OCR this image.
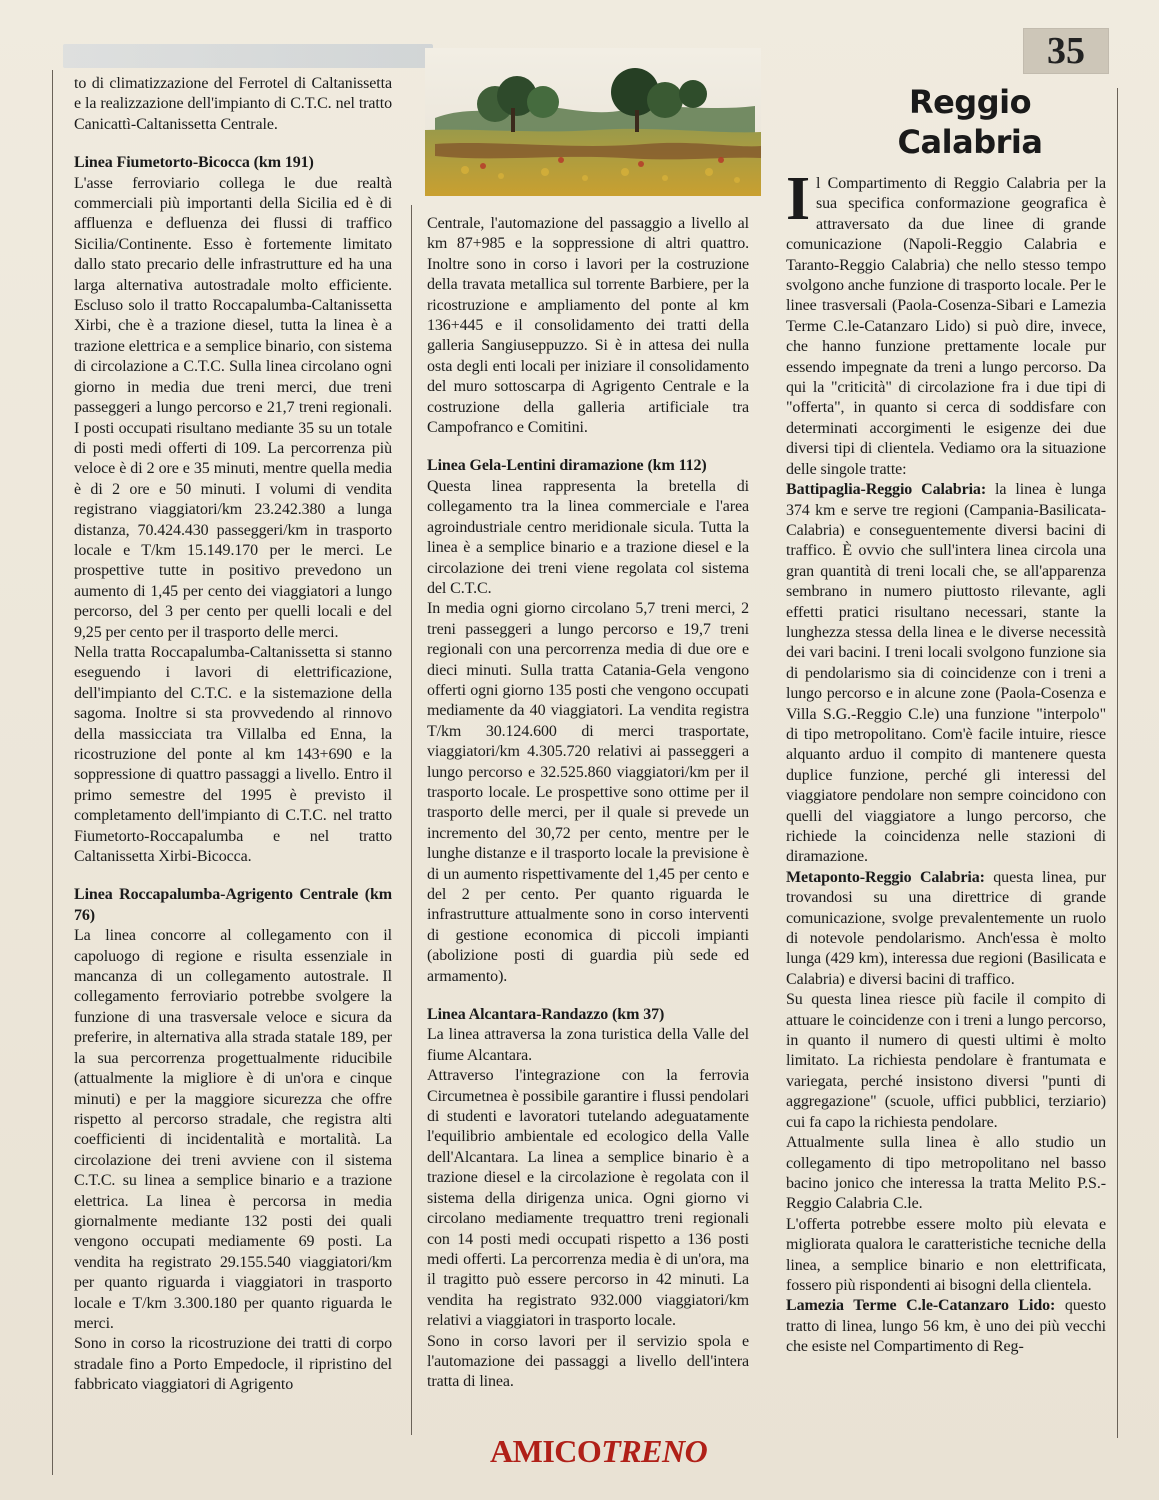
35
Reggio Calabria

to di climatizzazione del Ferrotel di Caltanissetta e la realizzazione dell'impianto di C.T.C. nel tratto Canicattì-Caltanissetta Centrale.

Linea Fiumetorto-Bicocca (km 191)

L'asse ferroviario collega le due realtà commerciali più importanti della Sicilia ed è di affluenza e defluenza dei flussi di traffico Sicilia/Continente. Esso è fortemente limitato dallo stato precario delle infrastrutture ed ha una larga alternativa autostradale molto efficiente. Escluso solo il tratto Roccapalumba-Caltanissetta Xirbi, che è a trazione diesel, tutta la linea è a trazione elettrica e a semplice binario, con sistema di circolazione a C.T.C. Sulla linea circolano ogni giorno in media due treni merci, due treni passeggeri a lungo percorso e 21,7 treni regionali. I posti occupati risultano mediante 35 su un totale di posti medi offerti di 109. La percorrenza più veloce è di 2 ore e 35 minuti, mentre quella media è di 2 ore e 50 minuti. I volumi di vendita registrano viaggiatori/km 23.242.380 a lunga distanza, 70.424.430 passeggeri/km in trasporto locale e T/km 15.149.170 per le merci. Le prospettive tutte in positivo prevedono un aumento di 1,45 per cento dei viaggiatori a lungo percorso, del 3 per cento per quelli locali e del 9,25 per cento per il trasporto delle merci.

Nella tratta Roccapalumba-Caltanissetta si stanno eseguendo i lavori di elettrificazione, dell'impianto del C.T.C. e la sistemazione della sagoma. Inoltre si sta provvedendo al rinnovo della massicciata tra Villalba ed Enna, la ricostruzione del ponte al km 143+690 e la soppressione di quattro passaggi a livello. Entro il primo semestre del 1995 è previsto il completamento dell'impianto di C.T.C. nel tratto Fiumetorto-Roccapalumba e nel tratto Caltanissetta Xirbi-Bicocca.

Linea Roccapalumba-Agrigento Centrale (km 76)

La linea concorre al collegamento con il capoluogo di regione e risulta essenziale in mancanza di un collegamento autostrale. Il collegamento ferroviario potrebbe svolgere la funzione di una trasversale veloce e sicura da preferire, in alternativa alla strada statale 189, per la sua percorrenza progettualmente riducibile (attualmente la migliore è di un'ora e cinque minuti) e per la maggiore sicurezza che offre rispetto al percorso stradale, che registra alti coefficienti di incidentalità e mortalità. La circolazione dei treni avviene con il sistema C.T.C. su linea a semplice binario e a trazione elettrica. La linea è percorsa in media giornalmente mediante 132 posti dei quali vengono occupati mediamente 69 posti. La vendita ha registrato 29.155.540 viaggiatori/km per quanto riguarda i viaggiatori in trasporto locale e T/km 3.300.180 per quanto riguarda le merci.

Sono in corso la ricostruzione dei tratti di corpo stradale fino a Porto Empedocle, il ripristino del fabbricato viaggiatori di Agrigento

Centrale, l'automazione del passaggio a livello al km 87+985 e la soppressione di altri quattro. Inoltre sono in corso i lavori per la costruzione della travata metallica sul torrente Barbiere, per la ricostruzione e ampliamento del ponte al km 136+445 e il consolidamento dei tratti della galleria Sangiuseppuzzo. Si è in attesa dei nulla osta degli enti locali per iniziare il consolidamento del muro sottoscarpa di Agrigento Centrale e la costruzione della galleria artificiale tra Campofranco e Comitini.

Linea Gela-Lentini diramazione (km 112)

Questa linea rappresenta la bretella di collegamento tra la linea commerciale e l'area agroindustriale centro meridionale sicula. Tutta la linea è a semplice binario e a trazione diesel e la circolazione dei treni viene regolata col sistema del C.T.C.

In media ogni giorno circolano 5,7 treni merci, 2 treni passeggeri a lungo percorso e 19,7 treni regionali con una percorrenza media di due ore e dieci minuti. Sulla tratta Catania-Gela vengono offerti ogni giorno 135 posti che vengono occupati mediamente da 40 viaggiatori. La vendita registra T/km 30.124.600 di merci trasportate, viaggiatori/km 4.305.720 relativi ai passeggeri a lungo percorso e 32.525.860 viaggiatori/km per il trasporto locale. Le prospettive sono ottime per il trasporto delle merci, per il quale si prevede un incremento del 30,72 per cento, mentre per le lunghe distanze e il trasporto locale la previsione è di un aumento rispettivamente del 1,45 per cento e del 2 per cento. Per quanto riguarda le infrastrutture attualmente sono in corso interventi di gestione economica di piccoli impianti (abolizione posti di guardia più sede ed armamento).

Linea Alcantara-Randazzo (km 37)

La linea attraversa la zona turistica della Valle del fiume Alcantara.

Attraverso l'integrazione con la ferrovia Circumetnea è possibile garantire i flussi pendolari di studenti e lavoratori tutelando adeguatamente l'equilibrio ambientale ed ecologico della Valle dell'Alcantara. La linea a semplice binario è a trazione diesel e la circolazione è regolata con il sistema della dirigenza unica. Ogni giorno vi circolano mediamente trequattro treni regionali con 14 posti medi occupati rispetto a 136 posti medi offerti. La percorrenza media è di un'ora, ma il tragitto può essere percorso in 42 minuti. La vendita ha registrato 932.000 viaggiatori/km relativi a viaggiatori in trasporto locale.

Sono in corso lavori per il servizio spola e l'automazione dei passaggi a livello dell'intera tratta di linea.

I l Compartimento di Reggio Calabria per la sua specifica conformazione geografica è attraversato da due linee di grande comunicazione (Napoli-Reggio Calabria e Taranto-Reggio Calabria) che nello stesso tempo svolgono anche funzione di trasporto locale. Per le linee trasversali (Paola-Cosenza-Sibari e Lamezia Terme C.le-Catanzaro Lido) si può dire, invece, che hanno funzione prettamente locale pur essendo impegnate da treni a lungo percorso. Da qui la "criticità" di circolazione fra i due tipi di "offerta", in quanto si cerca di soddisfare con determinati accorgimenti le esigenze dei due diversi tipi di clientela. Vediamo ora la situazione delle singole tratte:

Battipaglia-Reggio Calabria: la linea è lunga 374 km e serve tre regioni (Campania-Basilicata-Calabria) e conseguentemente diversi bacini di traffico. È ovvio che sull'intera linea circola una gran quantità di treni locali che, se all'apparenza sembrano in numero piuttosto rilevante, agli effetti pratici risultano necessari, stante la lunghezza stessa della linea e le diverse necessità dei vari bacini. I treni locali svolgono funzione sia di pendolarismo sia di coincidenze con i treni a lungo percorso e in alcune zone (Paola-Cosenza e Villa S.G.-Reggio C.le) una funzione "interpolo" di tipo metropolitano. Com'è facile intuire, riesce alquanto arduo il compito di mantenere questa duplice funzione, perché gli interessi del viaggiatore pendolare non sempre coincidono con quelli del viaggiatore a lungo percorso, che richiede la coincidenza nelle stazioni di diramazione.

Metaponto-Reggio Calabria: questa linea, pur trovandosi su una direttrice di grande comunicazione, svolge prevalentemente un ruolo di notevole pendolarismo. Anch'essa è molto lunga (429 km), interessa due regioni (Basilicata e Calabria) e diversi bacini di traffico.

Su questa linea riesce più facile il compito di attuare le coincidenze con i treni a lungo percorso, in quanto il numero di questi ultimi è molto limitato. La richiesta pendolare è frantumata e variegata, perché insistono diversi "punti di aggregazione" (scuole, uffici pubblici, terziario) cui fa capo la richiesta pendolare.

Attualmente sulla linea è allo studio un collegamento di tipo metropolitano nel basso bacino jonico che interessa la tratta Melito P.S.-Reggio Calabria C.le.

L'offerta potrebbe essere molto più elevata e migliorata qualora le caratteristiche tecniche della linea, a semplice binario e non elettrificata, fossero più rispondenti ai bisogni della clientela.

Lamezia Terme C.le-Catanzaro Lido: questo tratto di linea, lungo 56 km, è uno dei più vecchi che esiste nel Compartimento di Reg-

AMICOTRENO
